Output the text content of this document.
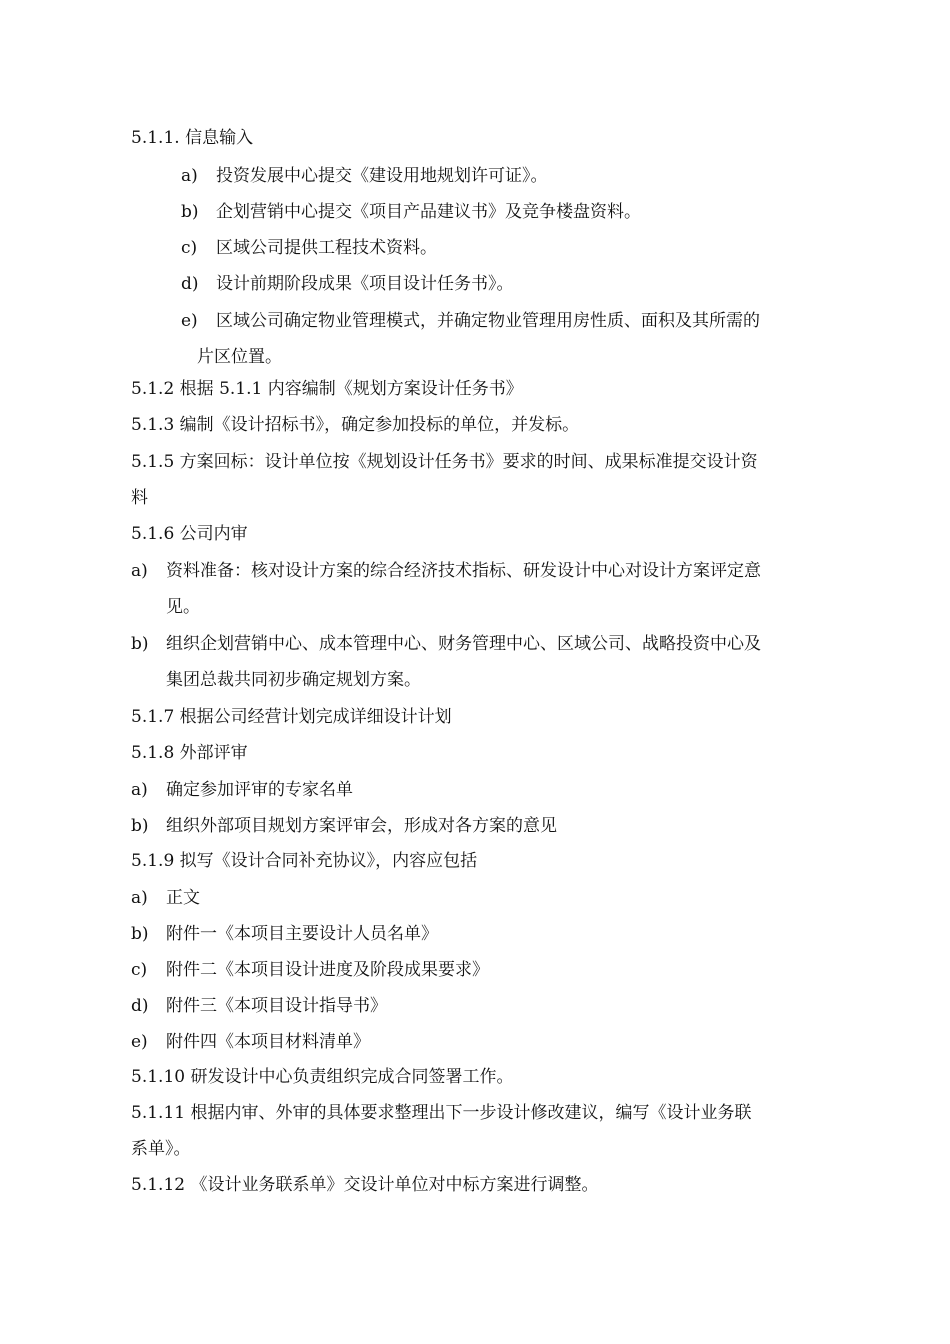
5.1.1. 信息输入
a) 投资发展中心提交《建设用地规划许可证》。
b) 企划营销中心提交《项目产品建议书》及竞争楼盘资料。
c) 区域公司提供工程技术资料。
d) 设计前期阶段成果《项目设计任务书》。
e) 区域公司确定物业管理模式，并确定物业管理用房性质、面积及其所需的
片区位置。
5.1.2 根据 5.1.1 内容编制《规划方案设计任务书》
5.1.3 编制《设计招标书》，确定参加投标的单位，并发标。
5.1.5 方案回标：设计单位按《规划设计任务书》要求的时间、成果标准提交设计资
料
5.1.6 公司内审
a) 资料准备：核对设计方案的综合经济技术指标、研发设计中心对设计方案评定意
见。
b) 组织企划营销中心、成本管理中心、财务管理中心、区域公司、战略投资中心及
集团总裁共同初步确定规划方案。
5.1.7 根据公司经营计划完成详细设计计划
5.1.8 外部评审
a) 确定参加评审的专家名单
b) 组织外部项目规划方案评审会，形成对各方案的意见
5.1.9 拟写《设计合同补充协议》，内容应包括
a) 正文
b) 附件一《本项目主要设计人员名单》
c) 附件二《本项目设计进度及阶段成果要求》
d) 附件三《本项目设计指导书》
e) 附件四《本项目材料清单》
5.1.10 研发设计中心负责组织完成合同签署工作。
5.1.11 根据内审、外审的具体要求整理出下一步设计修改建议，编写《设计业务联
系单》。
5.1.12 《设计业务联系单》交设计单位对中标方案进行调整。
